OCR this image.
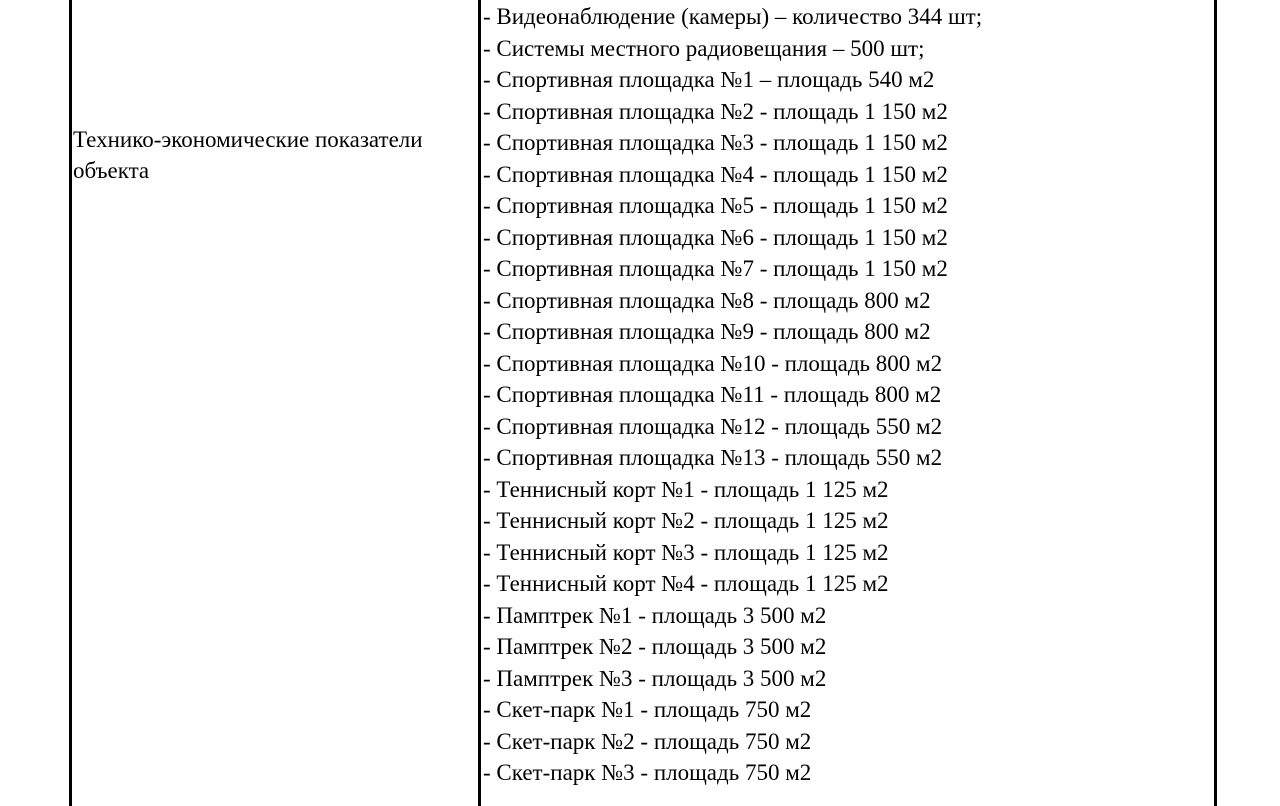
Технико-экономические показатели
объекта
- Видеонаблюдение (камеры) – количество 344 шт;
- Системы местного радиовещания – 500 шт;
- Спортивная площадка №1 – площадь 540 м2
- Спортивная площадка №2 - площадь 1 150 м2
- Спортивная площадка №3 - площадь 1 150 м2
- Спортивная площадка №4 - площадь 1 150 м2
- Спортивная площадка №5 - площадь 1 150 м2
- Спортивная площадка №6 - площадь 1 150 м2
- Спортивная площадка №7 - площадь 1 150 м2
- Спортивная площадка №8 - площадь 800 м2
- Спортивная площадка №9 - площадь 800 м2
- Спортивная площадка №10 - площадь 800 м2
- Спортивная площадка №11 - площадь 800 м2
- Спортивная площадка №12 - площадь 550 м2
- Спортивная площадка №13 - площадь 550 м2
- Теннисный корт №1 - площадь 1 125 м2
- Теннисный корт №2 - площадь 1 125 м2
- Теннисный корт №3 - площадь 1 125 м2
- Теннисный корт №4 - площадь 1 125 м2
- Памптрек №1 - площадь 3 500 м2
- Памптрек №2 - площадь 3 500 м2
- Памптрек №3 - площадь 3 500 м2
- Скет-парк №1 - площадь 750 м2
- Скет-парк №2 - площадь 750 м2
- Скет-парк №3 - площадь 750 м2
